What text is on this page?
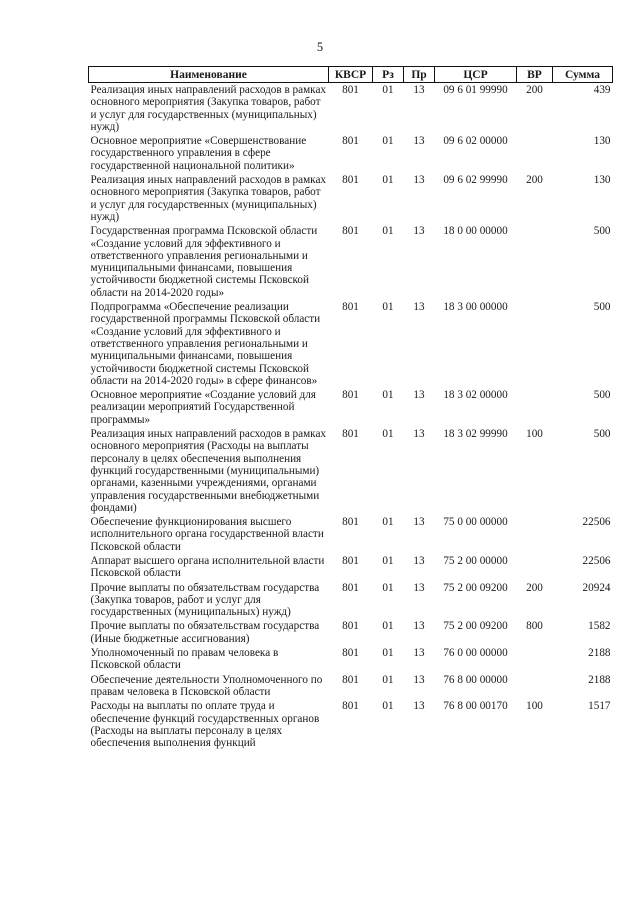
5
Наименование	КВСР	Рз	Пр	ЦСР	ВР	Сумма
Реализация иных направлений расходов в рамках основного мероприятия (Закупка товаров, работ и услуг для государственных (муниципальных) нужд)	801	01	13	09 6 01 99990	200	439
Основное мероприятие «Совершенствование государственного управления в сфере государственной национальной политики»	801	01	13	09 6 02 00000		130
Реализация иных направлений расходов в рамках основного мероприятия (Закупка товаров, работ и услуг для государственных (муниципальных) нужд)	801	01	13	09 6 02 99990	200	130
Государственная программа Псковской области «Создание условий для эффективного и ответственного управления региональными и муниципальными финансами, повышения устойчивости бюджетной системы Псковской области на 2014-2020 годы»	801	01	13	18 0 00 00000		500
Подпрограмма «Обеспечение реализации государственной программы Псковской области «Создание условий для эффективного и ответственного управления региональными и муниципальными финансами, повышения устойчивости бюджетной системы Псковской области на 2014-2020 годы» в сфере финансов»	801	01	13	18 3 00 00000		500
Основное мероприятие «Создание условий для реализации мероприятий Государственной программы»	801	01	13	18 3 02 00000		500
Реализация иных направлений расходов в рамках основного мероприятия (Расходы на выплаты персоналу в целях обеспечения выполнения функций государственными (муниципальными) органами, казенными учреждениями, органами управления государственными внебюджетными фондами)	801	01	13	18 3 02 99990	100	500
Обеспечение функционирования высшего исполнительного органа государственной власти Псковской области	801	01	13	75 0 00 00000		22506
Аппарат высшего органа исполнительной власти Псковской области	801	01	13	75 2 00 00000		22506
Прочие выплаты по обязательствам государства (Закупка товаров, работ и услуг для государственных (муниципальных) нужд)	801	01	13	75 2 00 09200	200	20924
Прочие выплаты по обязательствам государства (Иные бюджетные ассигнования)	801	01	13	75 2 00 09200	800	1582
Уполномоченный по правам человека в Псковской области	801	01	13	76 0 00 00000		2188
Обеспечение деятельности Уполномоченного по правам человека в Псковской области	801	01	13	76 8 00 00000		2188
Расходы на выплаты по оплате труда и обеспечение функций государственных органов (Расходы на выплаты персоналу в целях обеспечения выполнения функций	801	01	13	76 8 00 00170	100	1517
